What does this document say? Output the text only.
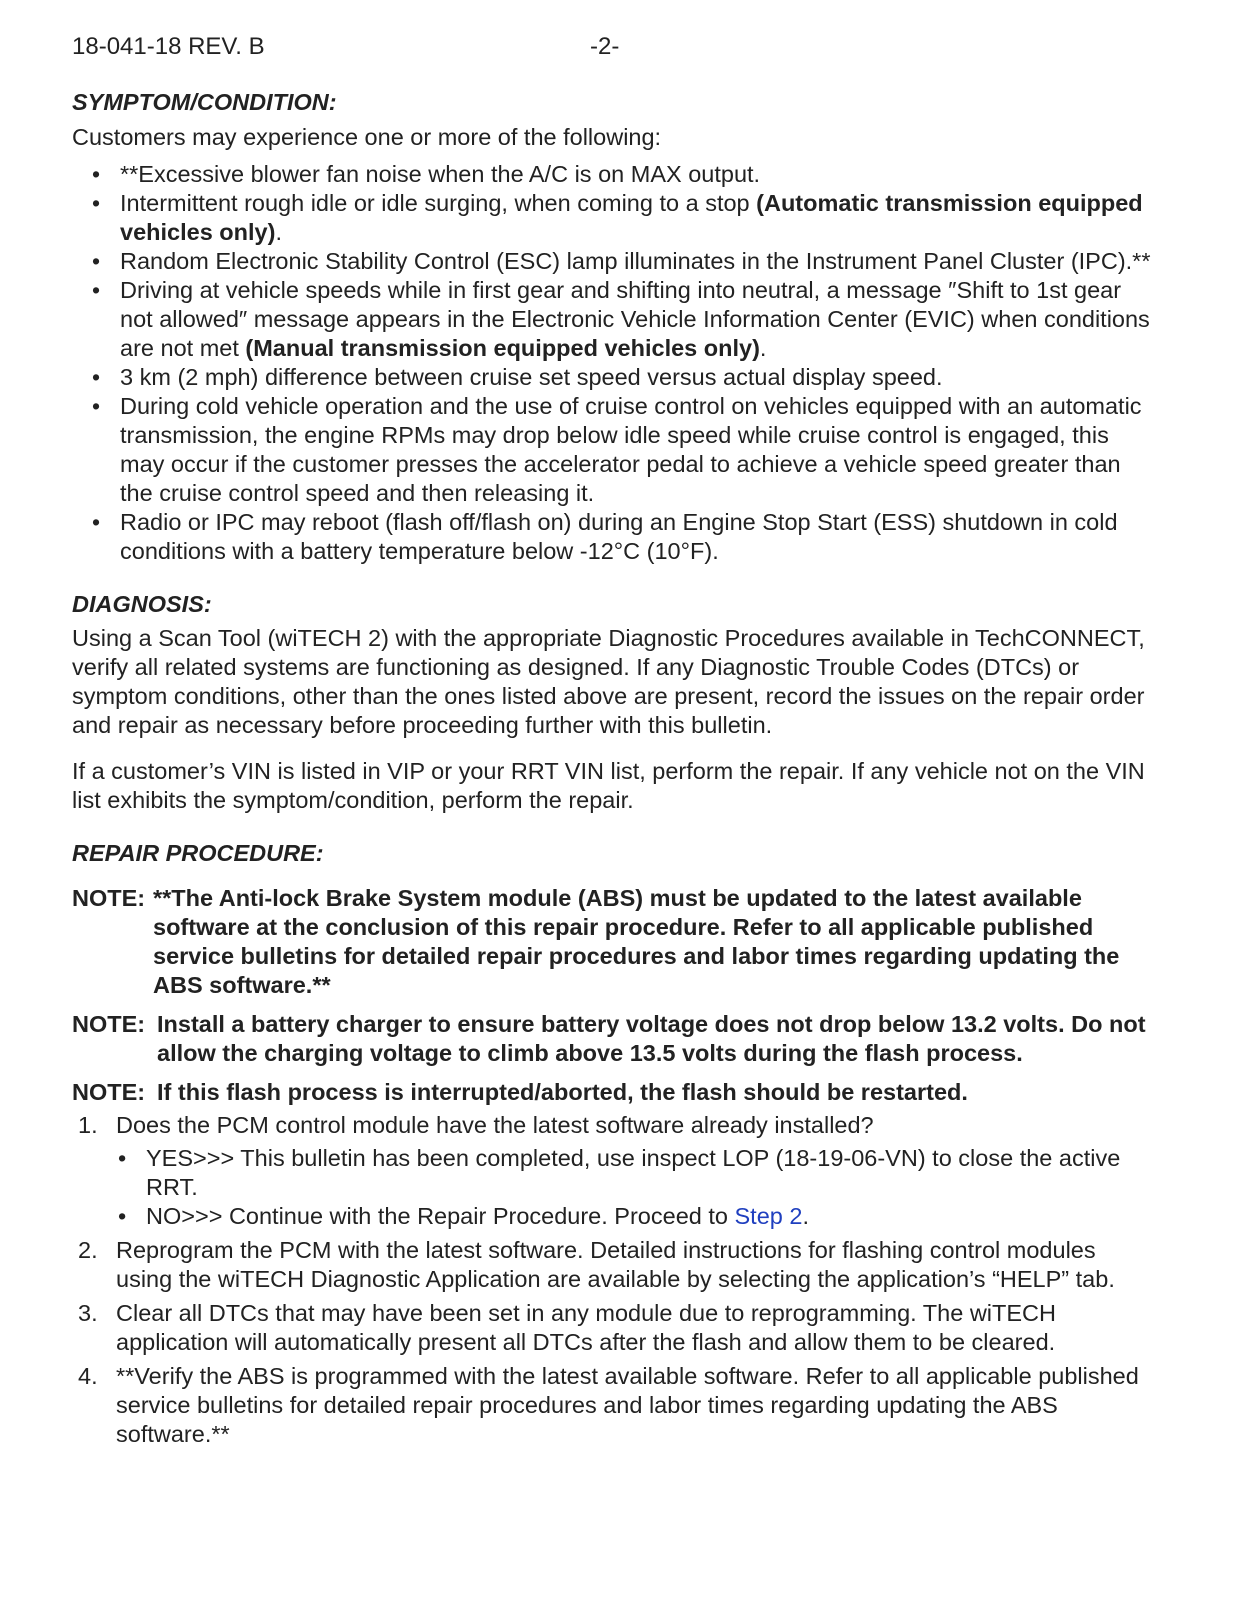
18-041-18 REV. B	-2-

SYMPTOM/CONDITION:

Customers may experience one or more of the following:

• **Excessive blower fan noise when the A/C is on MAX output.
• Intermittent rough idle or idle surging, when coming to a stop (Automatic transmission equipped vehicles only).
• Random Electronic Stability Control (ESC) lamp illuminates in the Instrument Panel Cluster (IPC).**
• Driving at vehicle speeds while in first gear and shifting into neutral, a message ″Shift to 1st gear not allowed″ message appears in the Electronic Vehicle Information Center (EVIC) when conditions are not met (Manual transmission equipped vehicles only).
• 3 km (2 mph) difference between cruise set speed versus actual display speed.
• During cold vehicle operation and the use of cruise control on vehicles equipped with an automatic transmission, the engine RPMs may drop below idle speed while cruise control is engaged, this may occur if the customer presses the accelerator pedal to achieve a vehicle speed greater than the cruise control speed and then releasing it.
• Radio or IPC may reboot (flash off/flash on) during an Engine Stop Start (ESS) shutdown in cold conditions with a battery temperature below -12°C (10°F).

DIAGNOSIS:

Using a Scan Tool (wiTECH 2) with the appropriate Diagnostic Procedures available in TechCONNECT, verify all related systems are functioning as designed. If any Diagnostic Trouble Codes (DTCs) or symptom conditions, other than the ones listed above are present, record the issues on the repair order and repair as necessary before proceeding further with this bulletin.

If a customer’s VIN is listed in VIP or your RRT VIN list, perform the repair. If any vehicle not on the VIN list exhibits the symptom/condition, perform the repair.

REPAIR PROCEDURE:

NOTE: **The Anti-lock Brake System module (ABS) must be updated to the latest available software at the conclusion of this repair procedure. Refer to all applicable published service bulletins for detailed repair procedures and labor times regarding updating the ABS software.**
NOTE: Install a battery charger to ensure battery voltage does not drop below 13.2 volts. Do not allow the charging voltage to climb above 13.5 volts during the flash process.
NOTE: If this flash process is interrupted/aborted, the flash should be restarted.
1. Does the PCM control module have the latest software already installed?
• YES>>> This bulletin has been completed, use inspect LOP (18-19-06-VN) to close the active RRT.
• NO>>> Continue with the Repair Procedure. Proceed to Step 2.
2. Reprogram the PCM with the latest software. Detailed instructions for flashing control modules using the wiTECH Diagnostic Application are available by selecting the application’s “HELP” tab.
3. Clear all DTCs that may have been set in any module due to reprogramming. The wiTECH application will automatically present all DTCs after the flash and allow them to be cleared.
4. **Verify the ABS is programmed with the latest available software. Refer to all applicable published service bulletins for detailed repair procedures and labor times regarding updating the ABS software.**
